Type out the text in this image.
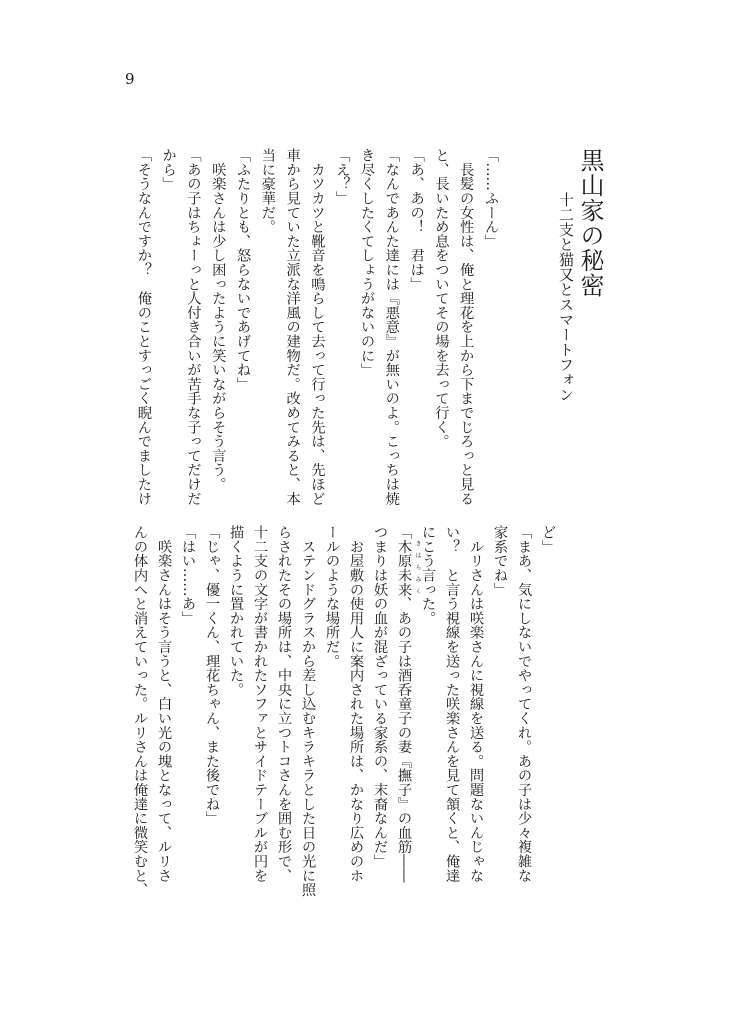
9
黒山家の秘密
十二支と猫又とスマートフォン
「……ふーん」
　長髪の女性は、俺と理花を上から下までじろっと見る
と、長いため息をついてその場を去って行く。
「あ、あの！　君は」
「なんであんた達には『悪意』が無いのよ。こっちは焼
き尽くしたくてしょうがないのに」
「え？」
　カツカツと靴音を鳴らして去って行った先は、先ほど
車から見ていた立派な洋風の建物だ。改めてみると、本
当に豪華だ。
「ふたりとも、怒らないであげてね」
　咲楽さんは少し困ったように笑いながらそう言う。
「あの子はちょーっと人付き合いが苦手な子ってだけだ
から」
「そうなんですか？　俺のことすっごく睨んでましたけ
ど」
「まあ、気にしないでやってくれ。あの子は少々複雑な
家系でね」
　ルリさんは咲楽さんに視線を送る。問題ないんじゃな
い？　と言う視線を送った咲楽さんを見て頷くと、俺達
にこう言った。
「木原未来、あの子は酒呑童子の妻『撫子』の血筋――
つまりは妖の血が混ざっている家系の、末裔なんだ」
　お屋敷の使用人に案内された場所は、かなり広めのホ
ールのような場所だ。
　ステンドグラスから差し込むキラキラとした日の光に照
らされたその場所は、中央に立つトコさんを囲む形で、
十二支の文字が書かれたソファとサイドテーブルが円を
描くように置かれていた。
「じゃ、優一くん、理花ちゃん、また後でね」
「はい……あ」
　咲楽さんはそう言うと、白い光の塊となって、ルリさ
んの体内へと消えていった。ルリさんは俺達に微笑むと、	きはらみく
